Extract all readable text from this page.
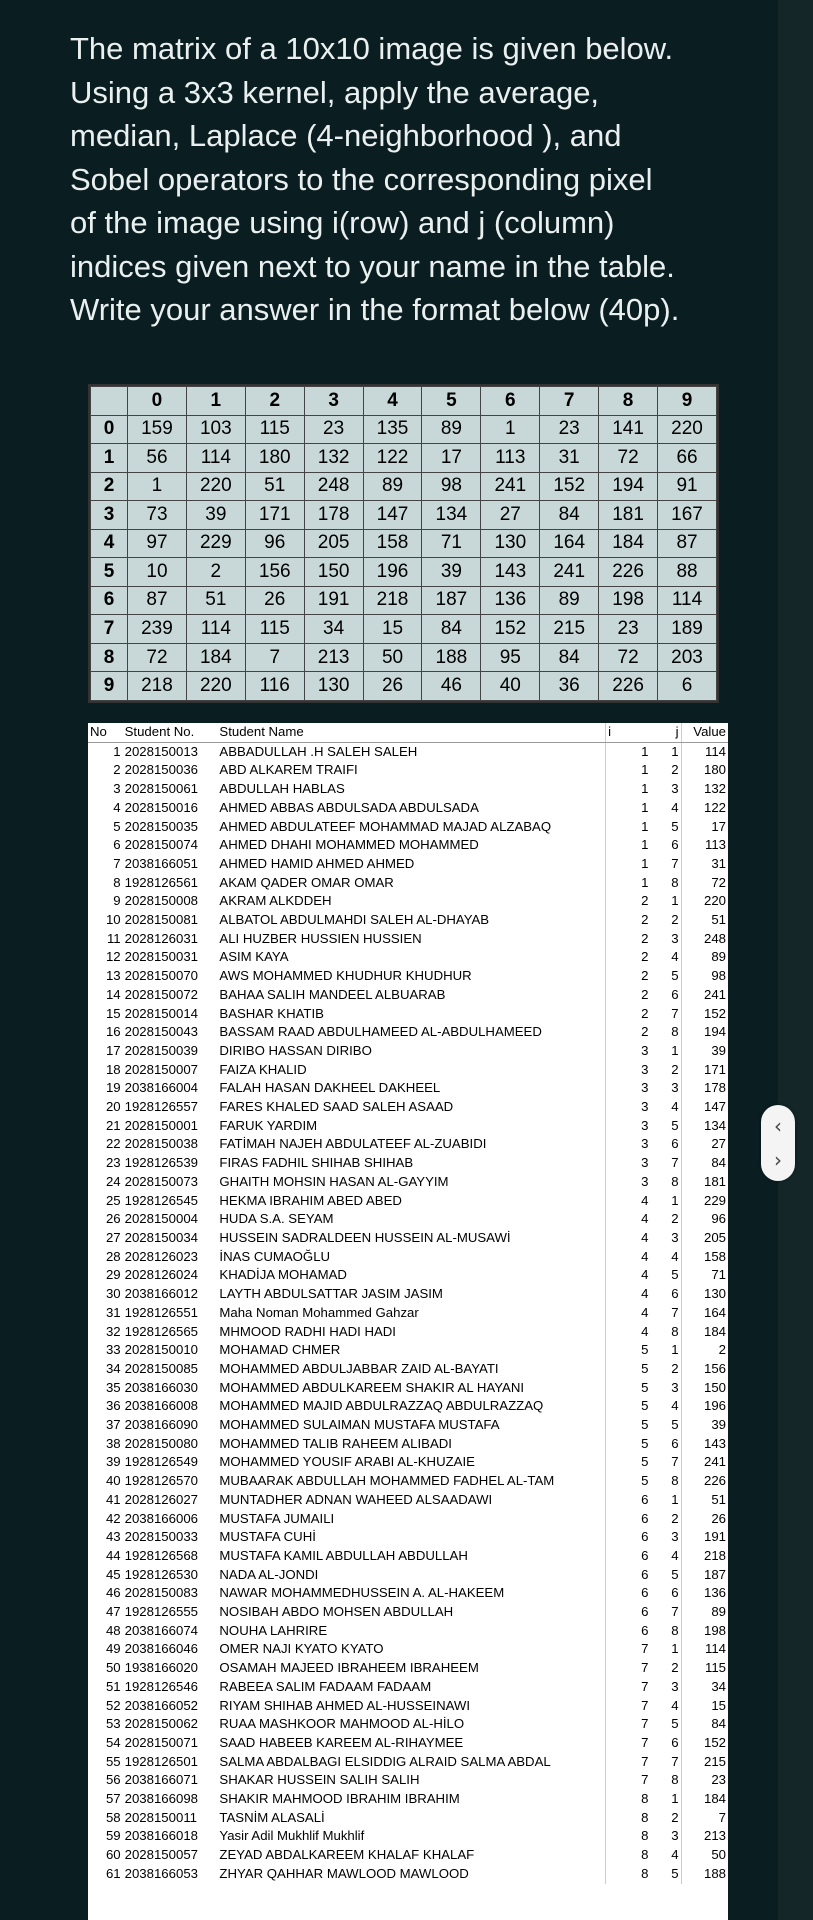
The matrix of a 10x10 image is given below.
Using a 3x3 kernel, apply the average,
median, Laplace (4-neighborhood ), and
Sobel operators to the corresponding pixel
of the image using i(row) and j (column)
indices given next to your name in the table.
Write your answer in the format below (40p).
	0	1	2	3	4	5	6	7	8	9
0	159	103	115	23	135	89	1	23	141	220
1	56	114	180	132	122	17	113	31	72	66
2	1	220	51	248	89	98	241	152	194	91
3	73	39	171	178	147	134	27	84	181	167
4	97	229	96	205	158	71	130	164	184	87
5	10	2	156	150	196	39	143	241	226	88
6	87	51	26	191	218	187	136	89	198	114
7	239	114	115	34	15	84	152	215	23	189
8	72	184	7	213	50	188	95	84	72	203
9	218	220	116	130	26	46	40	36	226	6
No	Student No.	Student Name	i	j	Value
1	2028150013	ABBADULLAH .H SALEH SALEH	1	1	114
2	2028150036	ABD ALKAREM TRAIFI	1	2	180
3	2028150061	ABDULLAH HABLAS	1	3	132
4	2028150016	AHMED ABBAS ABDULSADA ABDULSADA	1	4	122
5	2028150035	AHMED ABDULATEEF MOHAMMAD MAJAD ALZABAQ	1	5	17
6	2028150074	AHMED DHAHI MOHAMMED MOHAMMED	1	6	113
7	2038166051	AHMED HAMID AHMED AHMED	1	7	31
8	1928126561	AKAM QADER OMAR OMAR	1	8	72
9	2028150008	AKRAM ALKDDEH	2	1	220
10	2028150081	ALBATOL ABDULMAHDI SALEH AL-DHAYAB	2	2	51
11	2028126031	ALI HUZBER HUSSIEN HUSSIEN	2	3	248
12	2028150031	ASIM KAYA	2	4	89
13	2028150070	AWS MOHAMMED KHUDHUR KHUDHUR	2	5	98
14	2028150072	BAHAA SALIH MANDEEL ALBUARAB	2	6	241
15	2028150014	BASHAR KHATIB	2	7	152
16	2028150043	BASSAM RAAD ABDULHAMEED AL-ABDULHAMEED	2	8	194
17	2028150039	DIRIBO HASSAN DIRIBO	3	1	39
18	2028150007	FAIZA KHALID	3	2	171
19	2038166004	FALAH HASAN DAKHEEL DAKHEEL	3	3	178
20	1928126557	FARES KHALED SAAD SALEH ASAAD	3	4	147
21	2028150001	FARUK YARDIM	3	5	134
22	2028150038	FATİMAH NAJEH ABDULATEEF AL-ZUABIDI	3	6	27
23	1928126539	FIRAS FADHIL SHIHAB SHIHAB	3	7	84
24	2028150073	GHAITH MOHSIN HASAN AL-GAYYIM	3	8	181
25	1928126545	HEKMA IBRAHIM ABED ABED	4	1	229
26	2028150004	HUDA S.A. SEYAM	4	2	96
27	2028150034	HUSSEIN SADRALDEEN HUSSEIN AL-MUSAWİ	4	3	205
28	2028126023	İNAS CUMAOĞLU	4	4	158
29	2028126024	KHADİJA MOHAMAD	4	5	71
30	2038166012	LAYTH ABDULSATTAR JASIM JASIM	4	6	130
31	1928126551	Maha Noman Mohammed Gahzar	4	7	164
32	1928126565	MHMOOD RADHI HADI HADI	4	8	184
33	2028150010	MOHAMAD CHMER	5	1	2
34	2028150085	MOHAMMED ABDULJABBAR ZAID AL-BAYATI	5	2	156
35	2038166030	MOHAMMED ABDULKAREEM SHAKIR AL HAYANI	5	3	150
36	2038166008	MOHAMMED MAJID ABDULRAZZAQ ABDULRAZZAQ	5	4	196
37	2038166090	MOHAMMED SULAIMAN MUSTAFA MUSTAFA	5	5	39
38	2028150080	MOHAMMED TALIB RAHEEM ALIBADI	5	6	143
39	1928126549	MOHAMMED YOUSIF ARABI AL-KHUZAIE	5	7	241
40	1928126570	MUBAARAK ABDULLAH MOHAMMED FADHEL AL-TAM	5	8	226
41	2028126027	MUNTADHER ADNAN WAHEED ALSAADAWI	6	1	51
42	2038166006	MUSTAFA JUMAILI	6	2	26
43	2028150033	MUSTAFA CUHİ	6	3	191
44	1928126568	MUSTAFA KAMIL ABDULLAH ABDULLAH	6	4	218
45	1928126530	NADA AL-JONDI	6	5	187
46	2028150083	NAWAR MOHAMMEDHUSSEIN A. AL-HAKEEM	6	6	136
47	1928126555	NOSIBAH ABDO MOHSEN ABDULLAH	6	7	89
48	2038166074	NOUHA LAHRIRE	6	8	198
49	2038166046	OMER NAJI KYATO KYATO	7	1	114
50	1938166020	OSAMAH MAJEED IBRAHEEM IBRAHEEM	7	2	115
51	1928126546	RABEEA SALIM FADAAM FADAAM	7	3	34
52	2038166052	RIYAM SHIHAB AHMED AL-HUSSEINAWI	7	4	15
53	2028150062	RUAA MASHKOOR MAHMOOD AL-HİLO	7	5	84
54	2028150071	SAAD HABEEB KAREEM AL-RIHAYMEE	7	6	152
55	1928126501	SALMA ABDALBAGI ELSIDDIG ALRAID SALMA ABDAL	7	7	215
56	2038166071	SHAKAR HUSSEIN SALIH SALIH	7	8	23
57	2038166098	SHAKIR MAHMOOD IBRAHIM IBRAHIM	8	1	184
58	2028150011	TASNİM ALASALİ	8	2	7
59	2038166018	Yasir Adil Mukhlif Mukhlif	8	3	213
60	2028150057	ZEYAD ABDALKAREEM KHALAF KHALAF	8	4	50
61	2038166053	ZHYAR QAHHAR MAWLOOD MAWLOOD	8	5	188
‹
›
